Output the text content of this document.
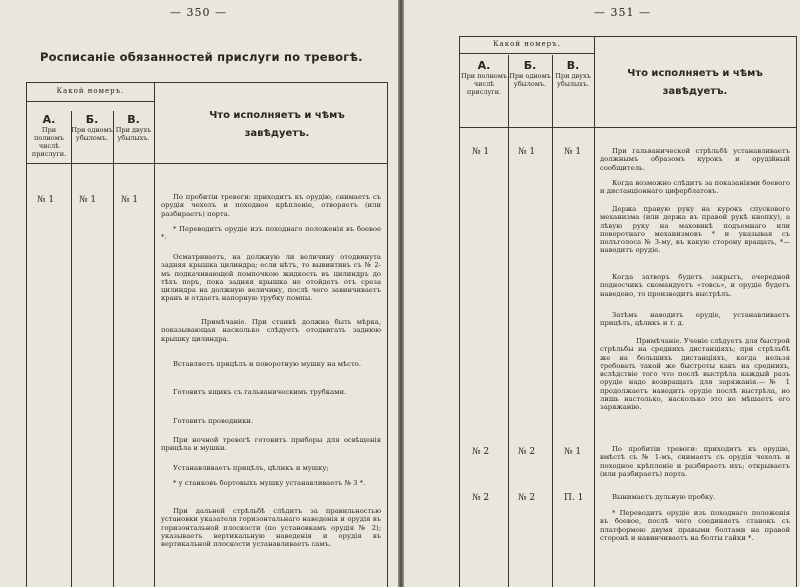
— 350 —
Росписаніе обязанностей прислуги по тревогѣ.
Какой номеръ.
А.
При полномъ числѣ прислуги.
Б.
При одномъ убыломъ.
В.
При двухъ убылыхъ.
Что исполняетъ и чѣмъ завѣдуетъ.
№ 1	№ 1	№ 1	По пробитіи тревоги: приходитъ къ орудію, снимаетъ съ орудія чехолъ и походное крѣпленіе, отворяетъ (или разбираетъ) порта.
* Переводитъ орудіе изъ походнаго положенія въ боевое *.
Осматриваетъ, на должную ли величину отодвинута задняя крышка цилиндра; если нѣтъ, то вывинтивъ съ № 2-мъ подкачивающей помпочкою жидкость въ цилиндръ до тѣхъ поръ, пока задняя крышка не отойдетъ отъ среза цилиндра на должную величину, послѣ чего завинчиваетъ кранъ и отдаетъ напорную трубку помпы.
Примѣчаніе. При станкѣ должна быть мѣрка, показывающая насколько слѣдуетъ отодвигать заднюю крышку цилиндра.
Вставляетъ прицѣлъ и поворотную мушку на мѣсто.
Готовитъ ящикъ съ гальваническимъ трубками.
Готовитъ проводники.
При ночной тревогѣ готовитъ приборы для освѣщенія прицѣла и мушки.
Устанавливаетъ прицѣлъ, цѣликъ и мушку;
* у станковъ бортовыхъ мушку устанавливаетъ № 3 *.
При дальней стрѣльбѣ слѣдитъ за правильностью установки указателя горизонтальнаго наведенія и орудія въ горизонтальной плоскости (по установкамъ орудія № 2); указываетъ вертикальную наведенія и орудія въ вертикальной плоскости устанавливаетъ самъ.
— 351 —
Какой номеръ.
А.
При полномъ числѣ прислуги.
Б.
При одномъ убыломъ.
В.
При двухъ убылыхъ.
Что исполняетъ и чѣмъ завѣдуетъ.
№ 1	№ 1	№ 1	При гальванической стрѣльбѣ устанавливаетъ должнымъ образомъ курокъ и орудійный сообщитель.
Когда возможно слѣдитъ за показаніями боевого и дистанціоннаго циферблатовъ.
Держа правую руку на курокъ спускового механизма (или держа въ правой рукѣ кнопку), а лѣвую руку на маховикѣ подъемнаго или поворотнаго механизмовъ * и указывая съ полъголоса № 3-му, въ какую сторону вращать, *—наводитъ орудіе.
Когда затворъ будетъ закрытъ, очередной подносчикъ скомандуетъ «товсь», и орудіе будетъ наведено, то производитъ выстрѣлъ.
Затѣмъ наводитъ орудіе, устанавливаетъ прицѣлъ, цѣликъ и т. д.
Примѣчаніе. Ученіе слѣдуетъ для быстрой стрѣльбы на среднихъ дистанціяхъ; при стрѣльбѣ же на большихъ дистанціяхъ, когда нельзя требовать такой же быстроты какъ на среднихъ, вслѣдствіе того что послѣ выстрѣла каждый разъ орудіе надо возвращать для заряжанія.—№ 1 продолжаетъ наводить орудіе послѣ выстрѣла, но лишь настолько, насколько это не мѣшаетъ его заряжанію.
№ 2	№ 2	№ 1	По пробитіи тревоги: приходитъ къ орудію, вмѣстѣ съ № 1-мъ, снимаетъ съ орудія чехолъ и походное крѣпленіе и разбираетъ ихъ; открываетъ (или разбираетъ) порта.
№ 2	№ 2	П. 1	Вынимаетъ дульную пробку.
* Переводитъ орудіе изъ походнаго положенія въ боевое, послѣ чего соединяетъ станокъ съ платформою двумя правыми болтами на правой сторонѣ и навинчиваетъ на болты гайки *.
